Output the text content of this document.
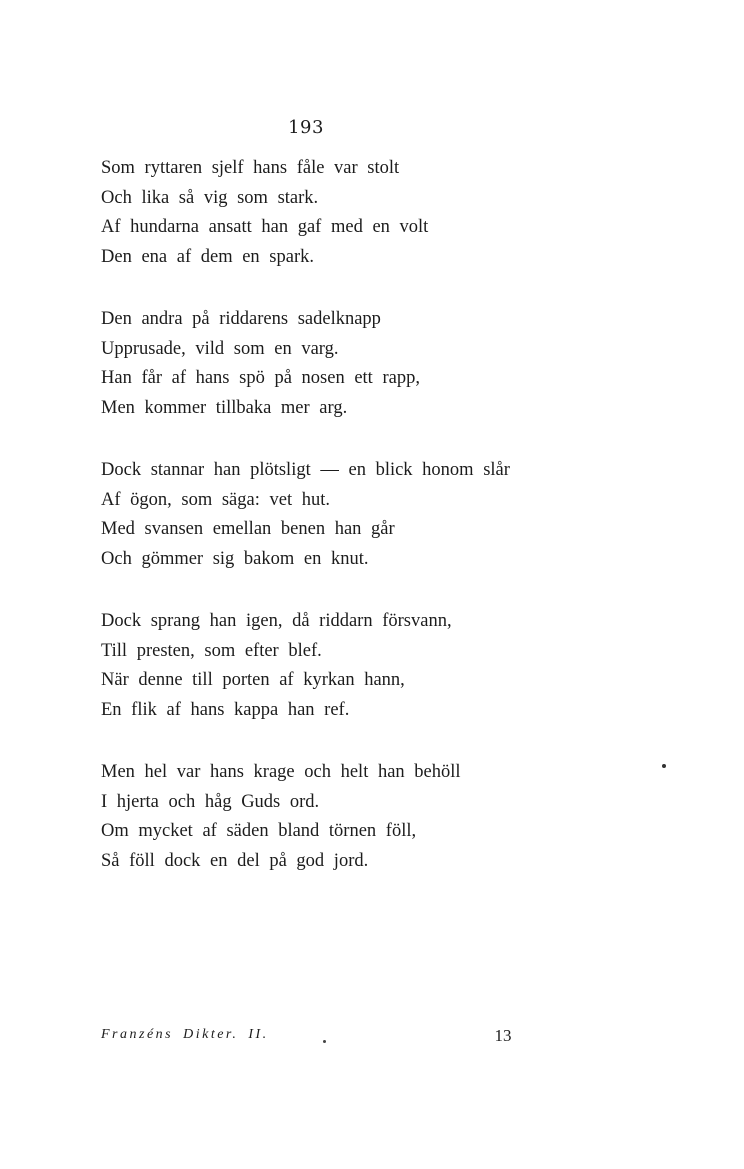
193
Som ryttaren sjelf hans fåle var stolt
Och lika så vig som stark.
Af hundarna ansatt han gaf med en volt
Den ena af dem en spark.
Den andra på riddarens sadelknapp
Upprusade, vild som en varg.
Han får af hans spö på nosen ett rapp,
Men kommer tillbaka mer arg.
Dock stannar han plötsligt — en blick honom slår
Af ögon, som säga: vet hut.
Med svansen emellan benen han går
Och gömmer sig bakom en knut.
Dock sprang han igen, då riddarn försvann,
Till presten, som efter blef.
När denne till porten af kyrkan hann,
En flik af hans kappa han ref.
Men hel var hans krage och helt han behöll
I hjerta och håg Guds ord.
Om mycket af säden bland törnen föll,
Så föll dock en del på god jord.
Franzéns Dikter. II.	13
